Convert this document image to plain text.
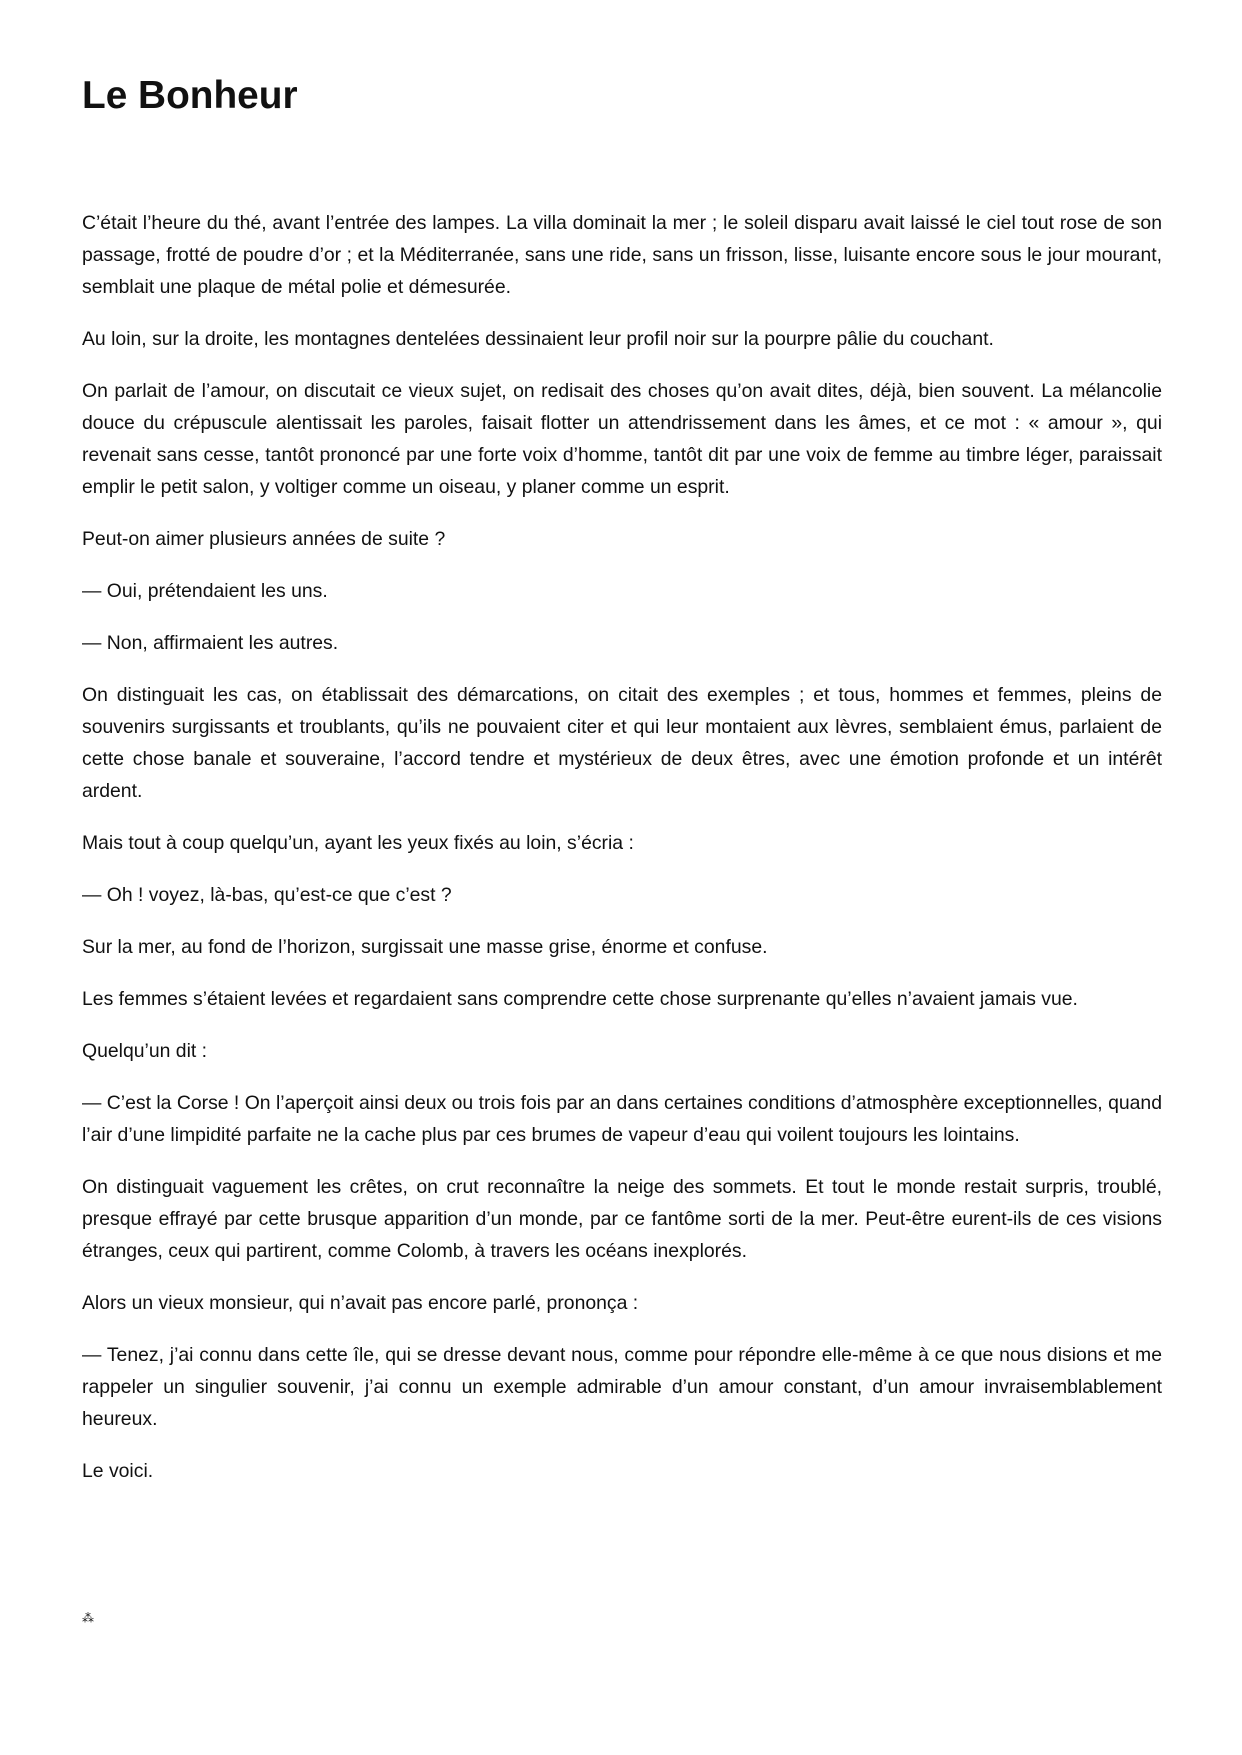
Le Bonheur

C’était l’heure du thé, avant l’entrée des lampes. La villa dominait la mer ; le soleil disparu avait laissé le ciel tout rose de son passage, frotté de poudre d’or ; et la Méditerranée, sans une ride, sans un frisson, lisse, luisante encore sous le jour mourant, semblait une plaque de métal polie et démesurée.

Au loin, sur la droite, les montagnes dentelées dessinaient leur profil noir sur la pourpre pâlie du couchant.

On parlait de l’amour, on discutait ce vieux sujet, on redisait des choses qu’on avait dites, déjà, bien souvent. La mélancolie douce du crépuscule alentissait les paroles, faisait flotter un attendrissement dans les âmes, et ce mot : « amour », qui revenait sans cesse, tantôt prononcé par une forte voix d’homme, tantôt dit par une voix de femme au timbre léger, paraissait emplir le petit salon, y voltiger comme un oiseau, y planer comme un esprit.

Peut-on aimer plusieurs années de suite ?

— Oui, prétendaient les uns.

— Non, affirmaient les autres.

On distinguait les cas, on établissait des démarcations, on citait des exemples ; et tous, hommes et femmes, pleins de souvenirs surgissants et troublants, qu’ils ne pouvaient citer et qui leur montaient aux lèvres, semblaient émus, parlaient de cette chose banale et souveraine, l’accord tendre et mystérieux de deux êtres, avec une émotion profonde et un intérêt ardent.

Mais tout à coup quelqu’un, ayant les yeux fixés au loin, s’écria :

— Oh ! voyez, là-bas, qu’est-ce que c’est ?

Sur la mer, au fond de l’horizon, surgissait une masse grise, énorme et confuse.

Les femmes s’étaient levées et regardaient sans comprendre cette chose surprenante qu’elles n’avaient jamais vue.

Quelqu’un dit :

— C’est la Corse ! On l’aperçoit ainsi deux ou trois fois par an dans certaines conditions d’atmosphère exceptionnelles, quand l’air d’une limpidité parfaite ne la cache plus par ces brumes de vapeur d’eau qui voilent toujours les lointains.

On distinguait vaguement les crêtes, on crut reconnaître la neige des sommets. Et tout le monde restait surpris, troublé, presque effrayé par cette brusque apparition d’un monde, par ce fantôme sorti de la mer. Peut-être eurent-ils de ces visions étranges, ceux qui partirent, comme Colomb, à travers les océans inexplorés.

Alors un vieux monsieur, qui n’avait pas encore parlé, prononça :

— Tenez, j’ai connu dans cette île, qui se dresse devant nous, comme pour répondre elle-même à ce que nous disions et me rappeler un singulier souvenir, j’ai connu un exemple admirable d’un amour constant, d’un amour invraisemblablement heureux.

Le voici.

⁂
